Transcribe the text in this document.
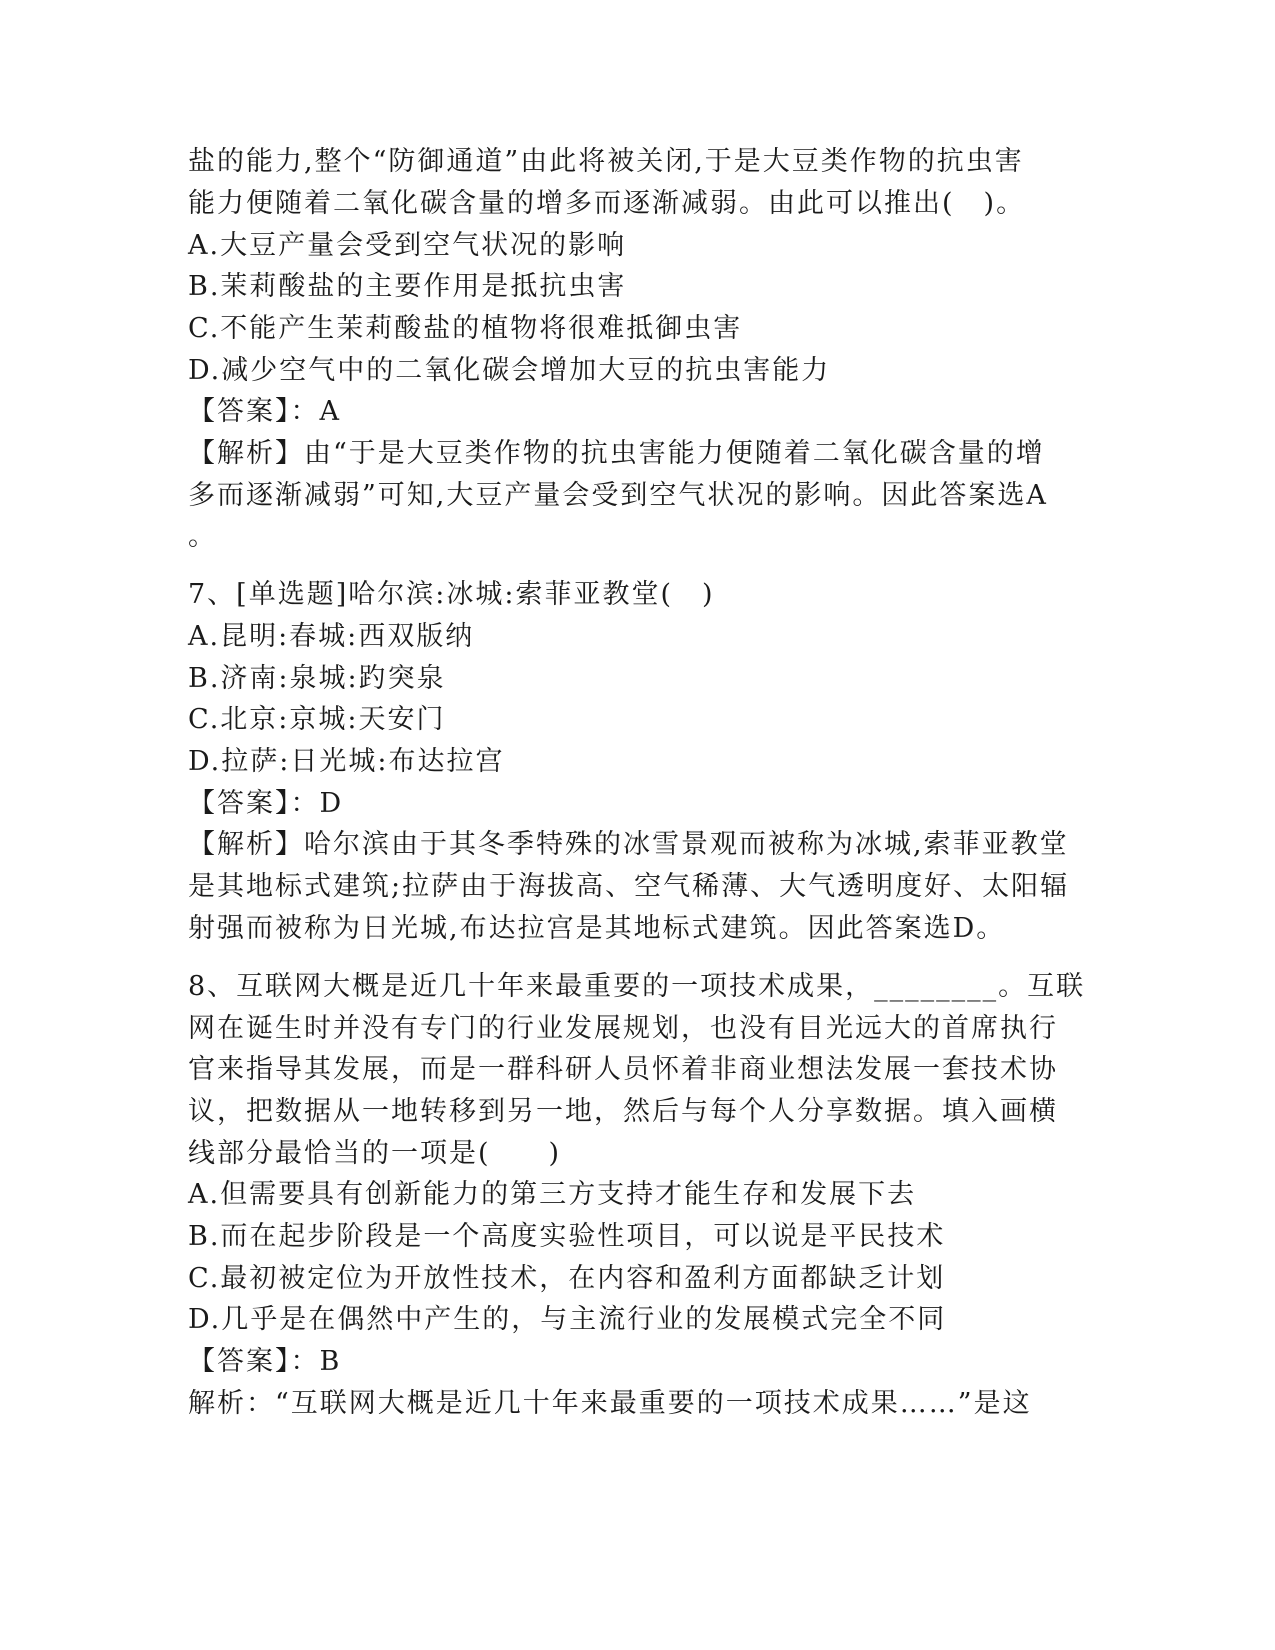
盐的能力,整个“防御通道”由此将被关闭,于是大豆类作物的抗虫害
能力便随着二氧化碳含量的增多而逐渐减弱。由此可以推出(　)。
A.大豆产量会受到空气状况的影响
B.茉莉酸盐的主要作用是抵抗虫害
C.不能产生茉莉酸盐的植物将很难抵御虫害
D.减少空气中的二氧化碳会增加大豆的抗虫害能力
【答案】：A
【解析】由“于是大豆类作物的抗虫害能力便随着二氧化碳含量的增
多而逐渐减弱”可知,大豆产量会受到空气状况的影响。因此答案选A
。
7、[单选题]哈尔滨:冰城:索菲亚教堂(　)
A.昆明:春城:西双版纳
B.济南:泉城:趵突泉
C.北京:京城:天安门
D.拉萨:日光城:布达拉宫
【答案】：D
【解析】哈尔滨由于其冬季特殊的冰雪景观而被称为冰城,索菲亚教堂
是其地标式建筑;拉萨由于海拔高、空气稀薄、大气透明度好、太阳辐
射强而被称为日光城,布达拉宫是其地标式建筑。因此答案选D。
8、互联网大概是近几十年来最重要的一项技术成果，________。互联
网在诞生时并没有专门的行业发展规划，也没有目光远大的首席执行
官来指导其发展，而是一群科研人员怀着非商业想法发展一套技术协
议，把数据从一地转移到另一地，然后与每个人分享数据。填入画横
线部分最恰当的一项是(　　)
A.但需要具有创新能力的第三方支持才能生存和发展下去
B.而在起步阶段是一个高度实验性项目，可以说是平民技术
C.最初被定位为开放性技术，在内容和盈利方面都缺乏计划
D.几乎是在偶然中产生的，与主流行业的发展模式完全不同
【答案】：B
解析：“互联网大概是近几十年来最重要的一项技术成果……”是这
